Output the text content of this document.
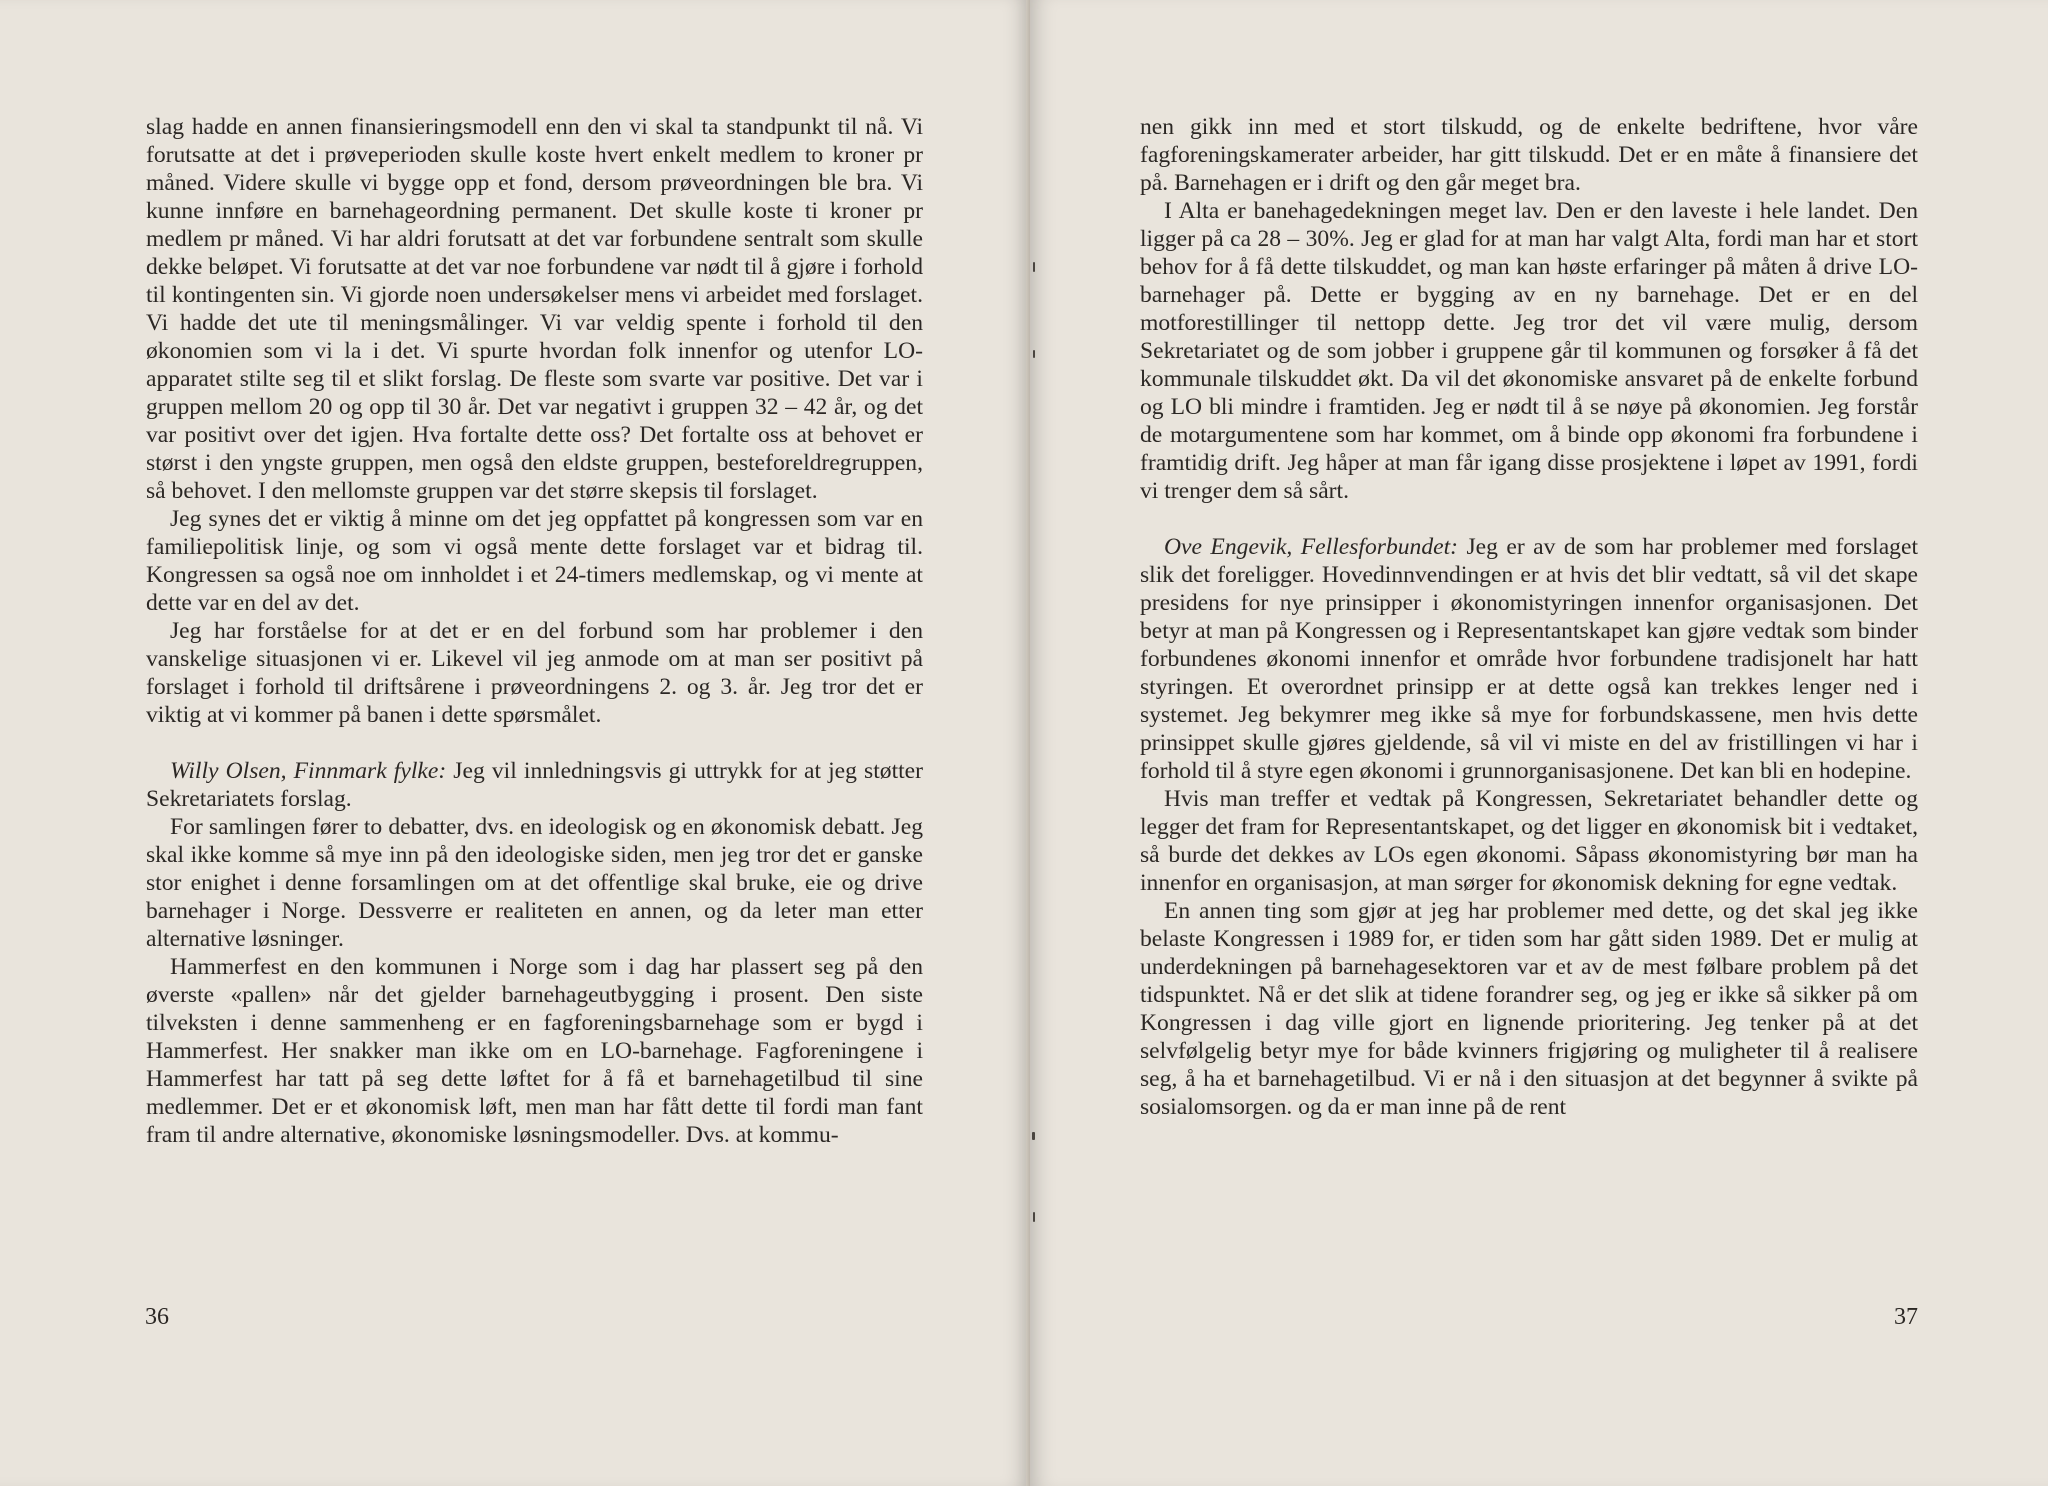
slag hadde en annen finansieringsmodell enn den vi skal ta standpunkt til nå. Vi forutsatte at det i prøveperioden skulle koste hvert enkelt medlem to kroner pr måned. Videre skulle vi bygge opp et fond, dersom prøveordningen ble bra. Vi kunne innføre en barnehageordning permanent. Det skulle koste ti kroner pr medlem pr måned. Vi har aldri forutsatt at det var forbundene sentralt som skulle dekke beløpet. Vi forutsatte at det var noe forbundene var nødt til å gjøre i forhold til kontingenten sin. Vi gjorde noen undersøkelser mens vi arbeidet med forslaget. Vi hadde det ute til meningsmålinger. Vi var veldig spente i forhold til den økonomien som vi la i det. Vi spurte hvordan folk innenfor og utenfor LO-apparatet stilte seg til et slikt forslag. De fleste som svarte var positive. Det var i gruppen mellom 20 og opp til 30 år. Det var negativt i gruppen 32 – 42 år, og det var positivt over det igjen. Hva fortalte dette oss? Det fortalte oss at behovet er størst i den yngste gruppen, men også den eldste gruppen, besteforeldregruppen, så behovet. I den mellomste gruppen var det større skepsis til forslaget.

Jeg synes det er viktig å minne om det jeg oppfattet på kongressen som var en familiepolitisk linje, og som vi også mente dette forslaget var et bidrag til. Kongressen sa også noe om innholdet i et 24-timers medlemskap, og vi mente at dette var en del av det.

Jeg har forståelse for at det er en del forbund som har problemer i den vanskelige situasjonen vi er. Likevel vil jeg anmode om at man ser positivt på forslaget i forhold til driftsårene i prøveordningens 2. og 3. år. Jeg tror det er viktig at vi kommer på banen i dette spørsmålet.

Willy Olsen, Finnmark fylke: Jeg vil innledningsvis gi uttrykk for at jeg støtter Sekretariatets forslag.

For samlingen fører to debatter, dvs. en ideologisk og en økonomisk debatt. Jeg skal ikke komme så mye inn på den ideologiske siden, men jeg tror det er ganske stor enighet i denne forsamlingen om at det offentlige skal bruke, eie og drive barnehager i Norge. Dessverre er realiteten en annen, og da leter man etter alternative løsninger.

Hammerfest en den kommunen i Norge som i dag har plassert seg på den øverste «pallen» når det gjelder barnehageutbygging i prosent. Den siste tilveksten i denne sammenheng er en fagforeningsbarnehage som er bygd i Hammerfest. Her snakker man ikke om en LO-barnehage. Fagforeningene i Hammerfest har tatt på seg dette løftet for å få et barnehagetilbud til sine medlemmer. Det er et økonomisk løft, men man har fått dette til fordi man fant fram til andre alternative, økonomiske løsningsmodeller. Dvs. at kommu-

36

nen gikk inn med et stort tilskudd, og de enkelte bedriftene, hvor våre fagforeningskamerater arbeider, har gitt tilskudd. Det er en måte å finansiere det på. Barnehagen er i drift og den går meget bra.

I Alta er banehagedekningen meget lav. Den er den laveste i hele landet. Den ligger på ca 28 – 30%. Jeg er glad for at man har valgt Alta, fordi man har et stort behov for å få dette tilskuddet, og man kan høste erfaringer på måten å drive LO-barnehager på. Dette er bygging av en ny barnehage. Det er en del motforestillinger til nettopp dette. Jeg tror det vil være mulig, dersom Sekretariatet og de som jobber i gruppene går til kommunen og forsøker å få det kommunale tilskuddet økt. Da vil det økonomiske ansvaret på de enkelte forbund og LO bli mindre i framtiden. Jeg er nødt til å se nøye på økonomien. Jeg forstår de motargumentene som har kommet, om å binde opp økonomi fra forbundene i framtidig drift. Jeg håper at man får igang disse prosjektene i løpet av 1991, fordi vi trenger dem så sårt.

Ove Engevik, Fellesforbundet: Jeg er av de som har problemer med forslaget slik det foreligger. Hovedinnvendingen er at hvis det blir vedtatt, så vil det skape presidens for nye prinsipper i økonomistyringen innenfor organisasjonen. Det betyr at man på Kongressen og i Representantskapet kan gjøre vedtak som binder forbundenes økonomi innenfor et område hvor forbundene tradisjonelt har hatt styringen. Et overordnet prinsipp er at dette også kan trekkes lenger ned i systemet. Jeg bekymrer meg ikke så mye for forbundskassene, men hvis dette prinsippet skulle gjøres gjeldende, så vil vi miste en del av fristillingen vi har i forhold til å styre egen økonomi i grunnorganisasjonene. Det kan bli en hodepine.

Hvis man treffer et vedtak på Kongressen, Sekretariatet behandler dette og legger det fram for Representantskapet, og det ligger en økonomisk bit i vedtaket, så burde det dekkes av LOs egen økonomi. Såpass økonomistyring bør man ha innenfor en organisasjon, at man sørger for økonomisk dekning for egne vedtak.

En annen ting som gjør at jeg har problemer med dette, og det skal jeg ikke belaste Kongressen i 1989 for, er tiden som har gått siden 1989. Det er mulig at underdekningen på barnehagesektoren var et av de mest følbare problem på det tidspunktet. Nå er det slik at tidene forandrer seg, og jeg er ikke så sikker på om Kongressen i dag ville gjort en lignende prioritering. Jeg tenker på at det selvfølgelig betyr mye for både kvinners frigjøring og muligheter til å realisere seg, å ha et barnehagetilbud. Vi er nå i den situasjon at det begynner å svikte på sosialomsorgen. og da er man inne på de rent

37
